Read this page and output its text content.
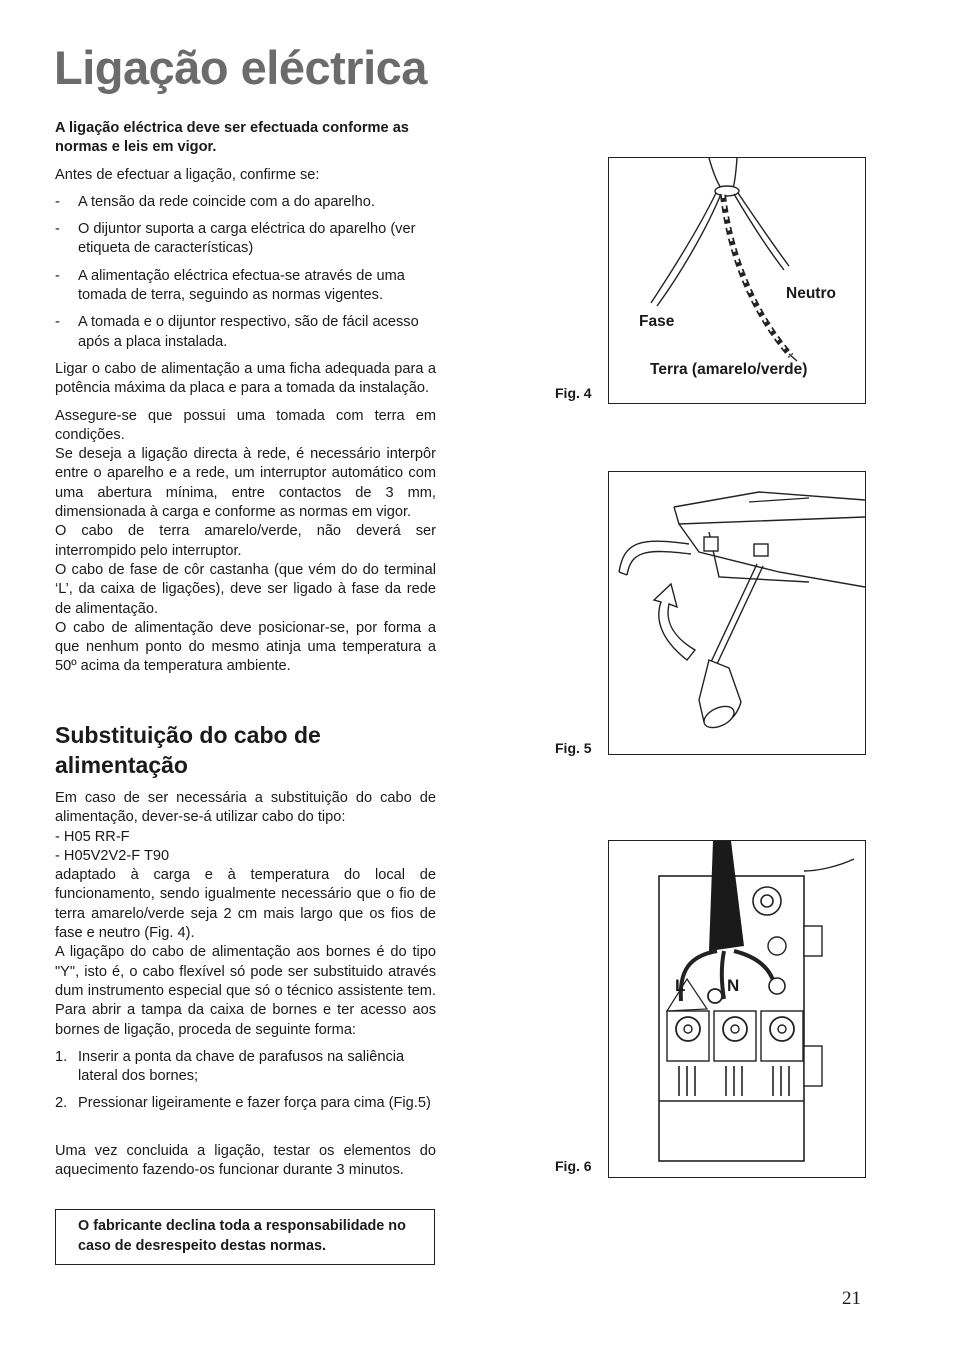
Ligação eléctrica

A ligação eléctrica deve ser efectuada conforme as normas e leis em vigor.

Antes de efectuar a ligação, confirme se:

- A tensão da rede coincide com a do aparelho.
- O dijuntor suporta a carga eléctrica do aparelho (ver etiqueta de características)
- A alimentação eléctrica efectua-se através de uma tomada de terra, seguindo as normas vigentes.
- A tomada e o dijuntor respectivo, são de fácil acesso após a placa instalada.

Ligar o cabo de alimentação a uma ficha adequada para a potência máxima da placa e para a tomada da instalação.

Assegure-se que possui uma tomada com terra em condições.

Se deseja a ligação directa à rede, é necessário interpôr entre o aparelho e a rede, um interruptor automático com uma abertura mínima, entre contactos de 3 mm, dimensionada à carga e conforme as normas em vigor.

O cabo de terra amarelo/verde, não deverá ser interrompido pelo interruptor.

O cabo de fase de côr castanha (que vém do do terminal ‘L’, da caixa de ligações), deve ser ligado à fase da rede de alimentação.

O cabo de alimentação deve posicionar-se, por forma a que nenhum ponto do mesmo atinja uma temperatura a 50º acima da temperatura ambiente.

Substituição do cabo de alimentação

Em caso de ser necessária a substituição do cabo de alimentação, dever-se-á utilizar cabo do tipo:

- H05 RR-F

- H05V2V2-F T90

adaptado à carga e à temperatura do local de funcionamento, sendo igualmente necessário que o fio de terra amarelo/verde seja 2 cm mais largo que os fios de fase e neutro (Fig. 4).

A ligaçãpo do cabo de alimentação aos bornes é do tipo "Y", isto é, o cabo flexível só pode ser substituido através dum instrumento especial que só o técnico assistente tem. Para abrir a tampa da caixa de bornes e ter acesso aos bornes de ligação, proceda de seguinte forma:

1. Inserir a ponta da chave de parafusos na saliência lateral dos bornes;
2. Pressionar ligeiramente e fazer força para cima (Fig.5)

Uma vez concluida a ligação, testar os elementos do aquecimento fazendo-os funcionar durante 3 minutos.

O fabricante declina toda a responsabilidade no caso de desrespeito destas normas.
Neutro
Fase
Terra (amarelo/verde)
Fig. 4
Fig. 5
L N
Fig. 6
21
